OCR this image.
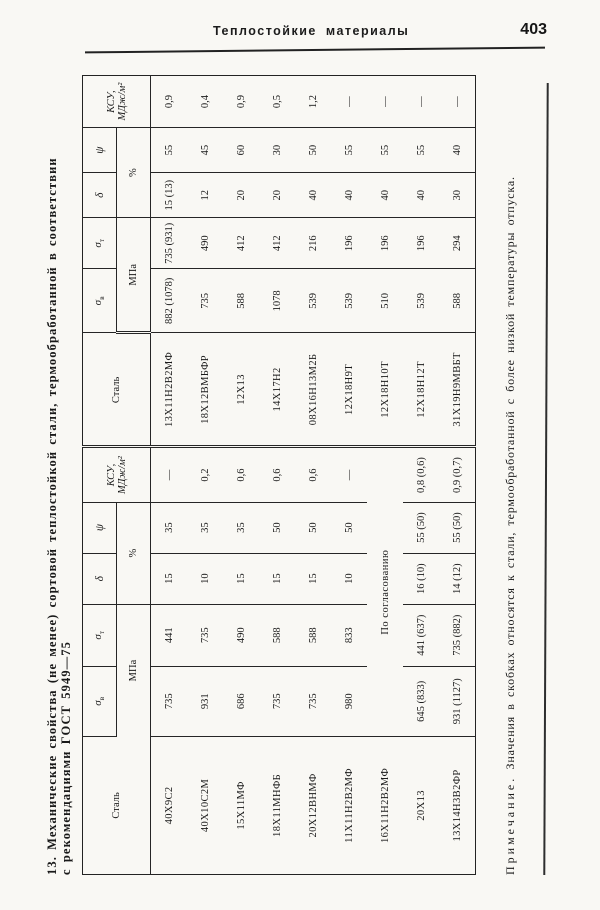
Теплостойкие материалы	403
13. Механические свойства (не менее) сортовой теплостойкой стали, термообработанной в соответствии с рекомендациями ГОСТ 5949—75	Сталь	$\sigma_в$	$\sigma_т$	δ	ψ	
КСУ, МДж/м²
	Сталь	$\sigma_в$	$\sigma_т$	δ	ψ	
КСУ, МДж/м²

	МПа		%				МПа		%		
40Х9С2	735	441	15	35	—	13Х11Н2В2МФ	882 (1078)	735 (931)	15 (13)	55	0,9
40Х10С2М	931	735	10	35	0,2	18Х12ВМБФР	735	490	12	45	0,4
15Х11МФ	686	490	15	35	0,6	12Х13	588	412	20	60	0,9
18Х11МНФБ	735	588	15	50	0,6	14Х17Н2	1078	412	20	30	0,5
20Х12ВНМФ	735	588	15	50	0,6	08Х16Н13М2Б	539	216	40	50	1,2
11Х11Н2В2МФ	980	833	10	50	—	12Х18Н9Т	539	196	40	55	—
16Х11Н2В2МФ	По согласованию					12Х18Н10Т	510	196	40	55	—
20Х13	645 (833)	441 (637)	16 (10)	55 (50)	0,8 (0,6)	12Х18Н12Т	539	196	40	55	—
13Х14Н3В2ФР	931 (1127)	735 (882)	14 (12)	55 (50)	0,9 (0,7)	31Х19Н9МВБТ	588	294	30	40	—
Примечание. Значения в скобках относятся к стали, термообработанной с более низкой температуры отпуска.
